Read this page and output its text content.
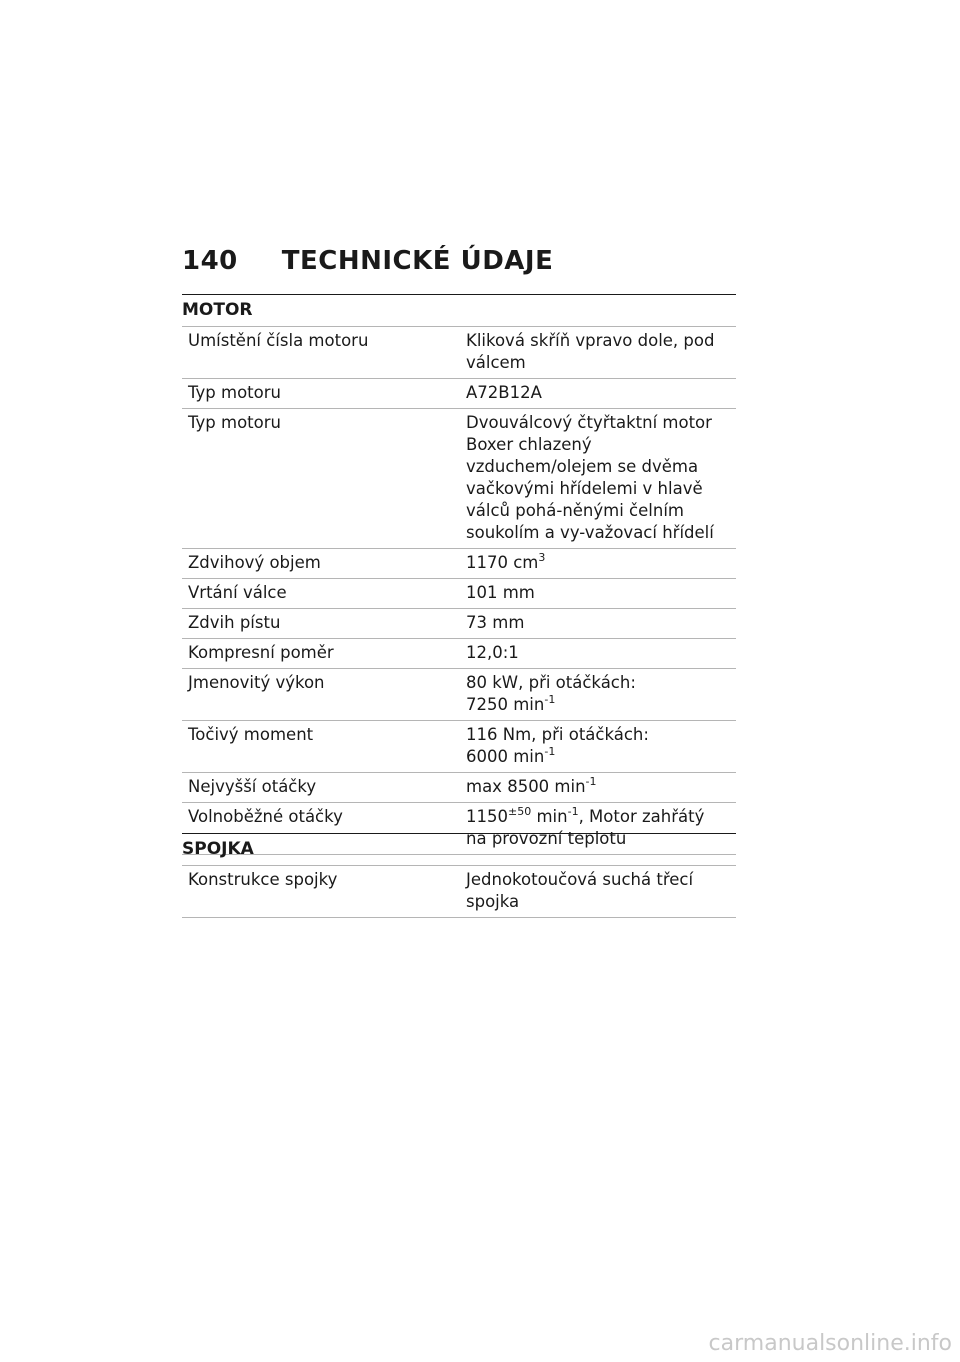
140 TECHNICKÉ ÚDAJE
MOTOR
Umístění čísla motoru	Kliková skříň vpravo dole, pod válcem
Typ motoru	A72B12A
Typ motoru	Dvouválcový čtyřtaktní motor Boxer chlazený vzduchem/olejem se dvěma vačkovými hřídelemi v hlavě válců pohá-něnými čelním soukolím a vy-važovací hřídelí
Zdvihový objem	1170 $cm^3$
Vrtání válce	101 mm
Zdvih pístu	73 mm
Kompresní poměr	12,0:1
Jmenovitý výkon	80 kW, při otáčkách:
7250 $\min^{-1}$
Točivý moment	116 Nm, při otáčkách:
6000 $\min^{-1}$
Nejvyšší otáčky	max 8500 $\min^{-1}$
Volnoběžné otáčky	$1150^{\pm 50}$ $\min^{-1}$, Motor zahřátý na provozní teplotu
SPOJKA
Konstrukce spojky	Jednokotoučová suchá třecí spojka
carmanualsonline.info
